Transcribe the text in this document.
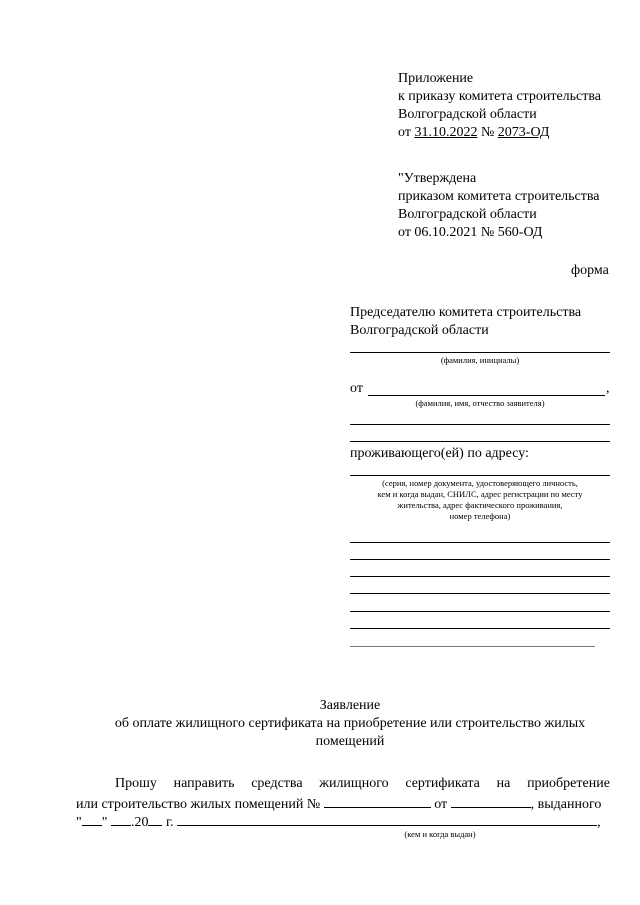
Приложение
к приказу комитета строительства
Волгоградской области
от 31.10.2022 № 2073-ОД
"Утверждена
приказом комитета строительства
Волгоградской области
от 06.10.2021 № 560-ОД
форма
Председателю комитета строительства
Волгоградской области
(фамилия, инициалы)
от	,
(фамилия, имя, отчество заявителя)
проживающего(ей) по адресу:
(серия, номер документа, удостоверяющего личность,
кем и когда выдан, СНИЛС, адрес регистрации по месту
жительства, адрес фактического проживания,
номер телефона)
Заявление
об оплате жилищного сертификата на приобретение или строительство жилых
помещений
Прошу направить средства жилищного сертификата на приобретение
или строительство жилых помещений №	от	, выданного
" " .20 г.	,
(кем и когда выдан)
